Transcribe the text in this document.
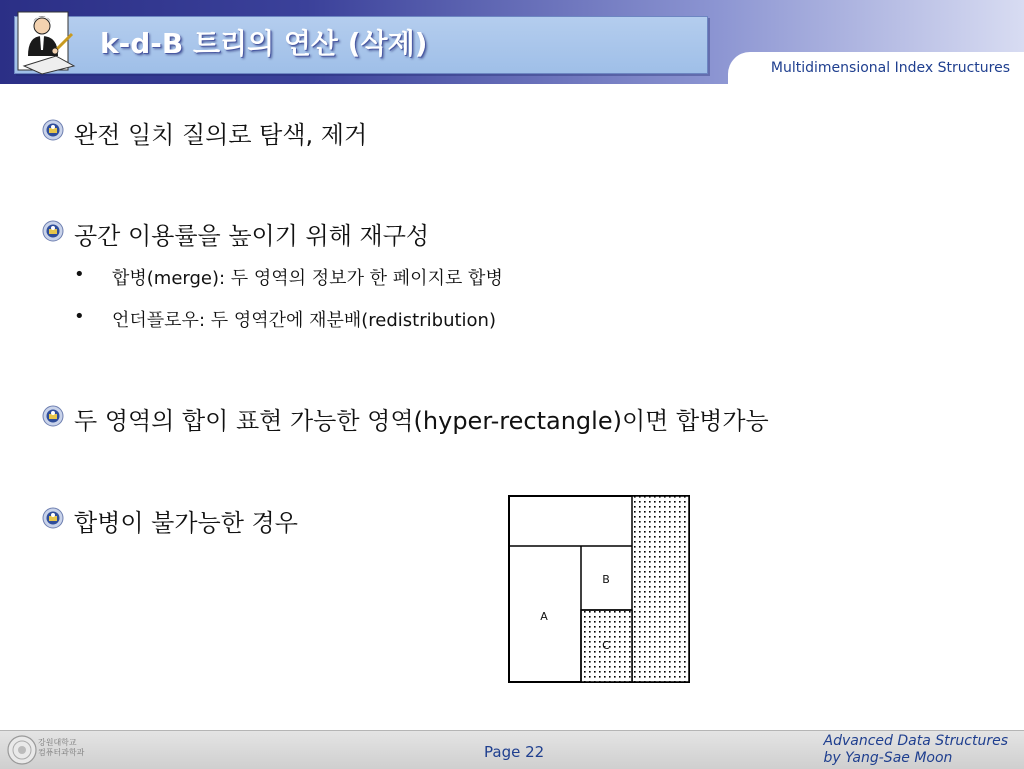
k-d-B 트리의 연산 (삭제)
Multidimensional Index Structures
완전 일치 질의로 탐색, 제거
공간 이용률을 높이기 위해 재구성
• 합병(merge): 두 영역의 정보가 한 페이지로 합병
• 언더플로우: 두 영역간에 재분배(redistribution)
두 영역의 합이 표현 가능한 영역(hyper-rectangle)이면 합병가능
합병이 불가능한 경우
A
B
C
강원대학교
컴퓨터과학과	Page 22
Advanced Data Structures
by Yang-Sae Moon
